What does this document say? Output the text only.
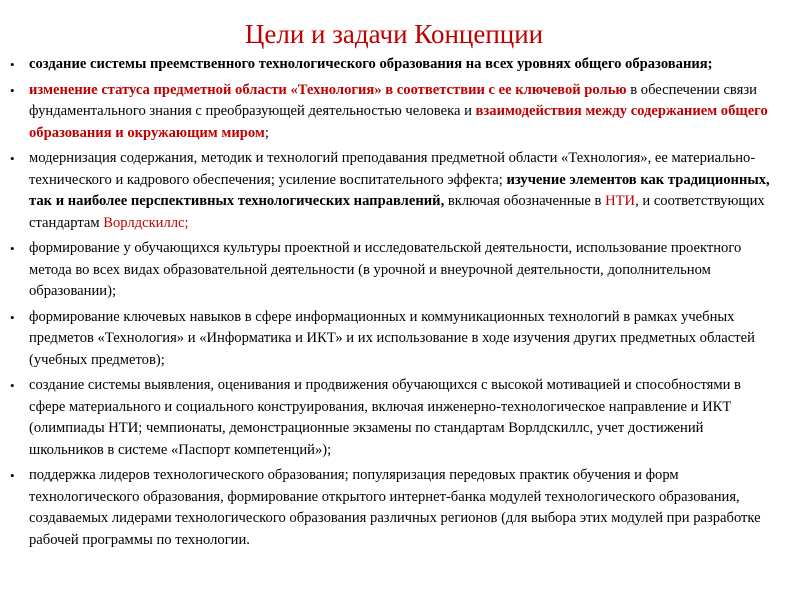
Цели и задачи Концепции
• создание системы преемственного технологического образования на всех уровнях общего образования;
• изменение статуса предметной области «Технология» в соответствии с ее ключевой ролью в обеспечении связи фундаментального знания с преобразующей деятельностью человека и взаимодействия между содержанием общего образования и окружающим миром;
• модернизация содержания, методик и технологий преподавания предметной области «Технология», ее материально-технического и кадрового обеспечения; усиление воспитательного эффекта; изучение элементов как традиционных, так и наиболее перспективных технологических направлений, включая обозначенные в НТИ, и соответствующих стандартам Ворлдскиллс;
• формирование у обучающихся культуры проектной и исследовательской деятельности, использование проектного метода во всех видах образовательной деятельности (в урочной и внеурочной деятельности, дополнительном образовании);
• формирование ключевых навыков в сфере информационных и коммуникационных технологий в рамках учебных предметов «Технология» и «Информатика и ИКТ» и их использование в ходе изучения других предметных областей (учебных предметов);
• создание системы выявления, оценивания и продвижения обучающихся с высокой мотивацией и способностями в сфере материального и социального конструирования, включая инженерно-технологическое направление и ИКТ (олимпиады НТИ; чемпионаты, демонстрационные экзамены по стандартам Ворлдскиллс, учет достижений школьников в системе «Паспорт компетенций»);
• поддержка лидеров технологического образования; популяризация передовых практик обучения и форм технологического образования, формирование открытого интернет-банка модулей технологического образования, создаваемых лидерами технологического образования различных регионов (для выбора этих модулей при разработке рабочей программы по технологии.
